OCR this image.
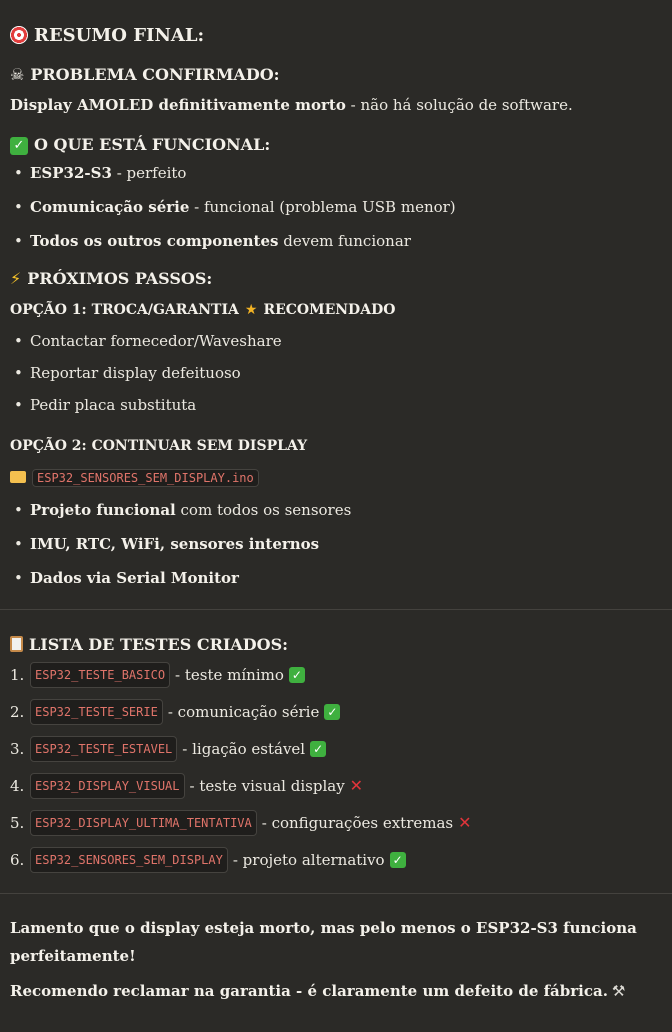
RESUMO FINAL:
☠ PROBLEMA CONFIRMADO:

Display AMOLED definitivamente morto - não há solução de software.

✓ O QUE ESTÁ FUNCIONAL:
• ESP32-S3 - perfeito
• Comunicação série - funcional (problema USB menor)
• Todos os outros componentes devem funcionar
⚡ PRÓXIMOS PASSOS:
OPÇÃO 1: TROCA/GARANTIA ★ RECOMENDADO
• Contactar fornecedor/Waveshare
• Reportar display defeituoso
• Pedir placa substituta
OPÇÃO 2: CONTINUAR SEM DISPLAY

ESP32_SENSORES_SEM_DISPLAY.ino

• Projeto funcional com todos os sensores
• IMU, RTC, WiFi, sensores internos
• Dados via Serial Monitor
LISTA DE TESTES CRIADOS:
1. ESP32_TESTE_BASICO - teste mínimo ✓
2. ESP32_TESTE_SERIE - comunicação série ✓
3. ESP32_TESTE_ESTAVEL - ligação estável ✓
4. ESP32_DISPLAY_VISUAL - teste visual display ✕
5. ESP32_DISPLAY_ULTIMA_TENTATIVA - configurações extremas ✕
6. ESP32_SENSORES_SEM_DISPLAY - projeto alternativo ✓

Lamento que o display esteja morto, mas pelo menos o ESP32-S3 funciona perfeitamente!

Recomendo reclamar na garantia - é claramente um defeito de fábrica. ⚒
